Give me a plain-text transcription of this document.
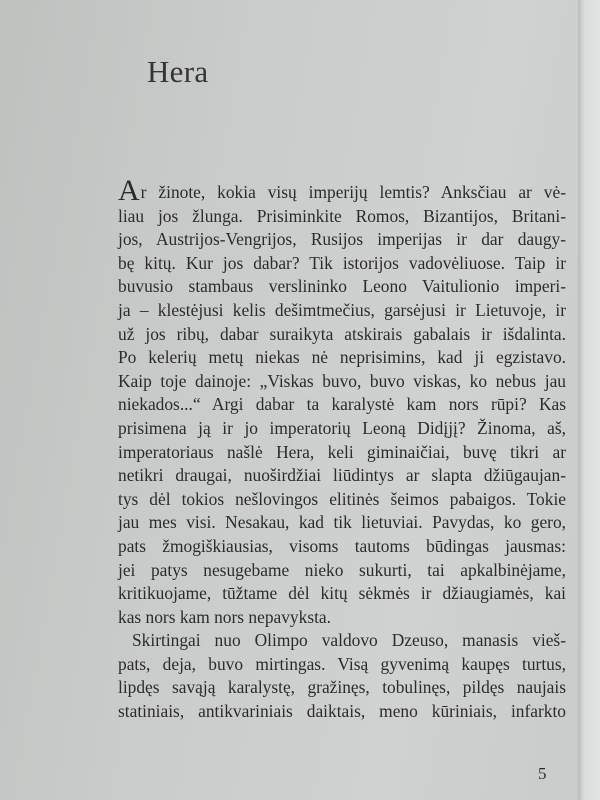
Hera
Ar žinote, kokia visų imperijų lemtis? Anksčiau ar vė-
liau jos žlunga. Prisiminkite Romos, Bizantijos, Britani-
jos, Austrijos-Vengrijos, Rusijos imperijas ir dar daugy-
bę kitų. Kur jos dabar? Tik istorijos vadovėliuose. Taip ir
buvusio stambaus verslininko Leono Vaitulionio imperi-
ja – klestėjusi kelis dešimtmečius, garsėjusi ir Lietuvoje, ir
už jos ribų, dabar suraikyta atskirais gabalais ir išdalinta.
Po kelerių metų niekas nė neprisimins, kad ji egzistavo.
Kaip toje dainoje: „Viskas buvo, buvo viskas, ko nebus jau
niekados...“ Argi dabar ta karalystė kam nors rūpi? Kas
prisimena ją ir jo imperatorių Leoną Didįjį? Žinoma, aš,
imperatoriaus našlė Hera, keli giminaičiai, buvę tikri ar
netikri draugai, nuoširdžiai liūdintys ar slapta džiūgaujan-
tys dėl tokios nešlovingos elitinės šeimos pabaigos. Tokie
jau mes visi. Nesakau, kad tik lietuviai. Pavydas, ko gero,
pats žmogiškiausias, visoms tautoms būdingas jausmas:
jei patys nesugebame nieko sukurti, tai apkalbinėjame,
kritikuojame, tūžtame dėl kitų sėkmės ir džiaugiamės, kai
kas nors kam nors nepavyksta.
Skirtingai nuo Olimpo valdovo Dzeuso, manasis vieš-
pats, deja, buvo mirtingas. Visą gyvenimą kaupęs turtus,
lipdęs savąją karalystę, gražinęs, tobulinęs, pildęs naujais
statiniais, antikvariniais daiktais, meno kūriniais, infarkto
5
